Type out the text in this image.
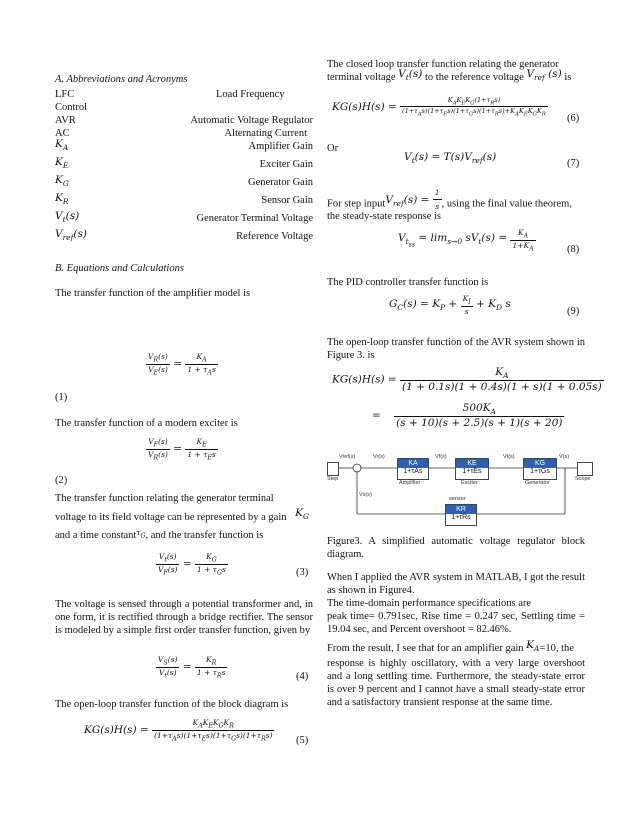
A. Abbreviations and Acronyms
LFC	Load Frequency
Control
AVR	Automatic Voltage Regulator
AC	Alternating Current
$K_A$	Amplifier Gain
$K_E$	Exciter Gain
$K_G$	Generator Gain
$K_R$	Sensor Gain
$V_t(s)$	Generator Terminal Voltage
$V_{ref}(s)$	Reference Voltage
B. Equations and Calculations
The transfer function of the amplifier model is
$\frac{V_R(s)}{V_E(s)} = \frac{K_A}{1 + \tau_As}$
(1)
The transfer function of a modern exciter is
$\frac{V_F(s)}{V_R(s)} = \frac{K_E}{1 + \tau_Es}$
(2)
The transfer function relating the generator terminal
voltage to its field voltage can be represented by a gain $K_G$
and a time constant$^{\tau_G}$, and the transfer function is
$\frac{V_t(s)}{V_F(s)} = \frac{K_G}{1 + \tau_Gs}$	(3)
The voltage is sensed through a potential transformer and, in one form, it is rectified through a bridge rectifier. The sensor is modeled by a simple first order transfer function, given by
$\frac{V_S(s)}{V_t(s)} = \frac{K_R}{1 + \tau_Rs}$	(4)
The open-loop transfer function of the block diagram is
$KG(s)H(s) = \frac{K_AK_EK_GK_R}{(1+\tau_As)(1+\tau_Es)(1+\tau_Gs)(1+\tau_Rs)} (5)$
The closed loop transfer function relating the generator
terminal voltage $V_t(s)$ to the reference voltage $V_{ref}$ (s) is
$KG(s)H(s) = \frac{K_AK_EK_G(1+\tau_Rs)}{(1+\tau_As)(1+\tau_Es)(1+\tau_Gs)(1+\tau_Rs)+K_AK_EK_GK_R}$
(6)
Or
$V_t(s) = T(s)V_{ref}(s)$
(7)
For step inputV$_{ref}$(s) = $\frac{1}{s}$ , using the final value theorem,
the steady-state response is
$V_{t_{ss}} = \lim_{s\to 0} sV_t(s) = \frac{K_A}{1+K_A}$	(8)
The PID controller transfer function is
$G_C(s) = K_P + \frac{K_I}{s} + K_D$ s
(9)
The open-loop transfer function of the AVR system shown in Figure 3. is
$KG(s)H(s) = \frac{K_A}{(1 + 0.1s)(1 + 0.4s)(1 + s)(1 + 0.05s)}$
= $\frac{500K_A}{(s + 10)(s + 2.5)(s + 1)(s + 20)}$
Step
Vref(s)	Vr(s)	Vf(s)	Vt(s)
Vs(s)
V(s)
KA
1+τAs
Amplifier
KE
1+τEs
Exciter
KG
1+τGs
Generator
Scope
sensor
KR
1+τRs
Figure3. A simplified automatic voltage regulator block diagram.
When I applied the AVR system in MATLAB, I got the result as shown in Figure4.
The time-domain performance specifications are
peak time= 0.791sec, Rise time = 0.247 sec, Settling time = 19.04 sec, and Percent overshoot = 82.46%.
From the result, I see that for an amplifier gain $K_A=10$, the
response is highly oscillatory, with a very large overshoot and a long settling time. Furthermore, the steady-state error is over 9 percent and I cannot have a small steady-state error and a satisfactory transient response at the same time.
